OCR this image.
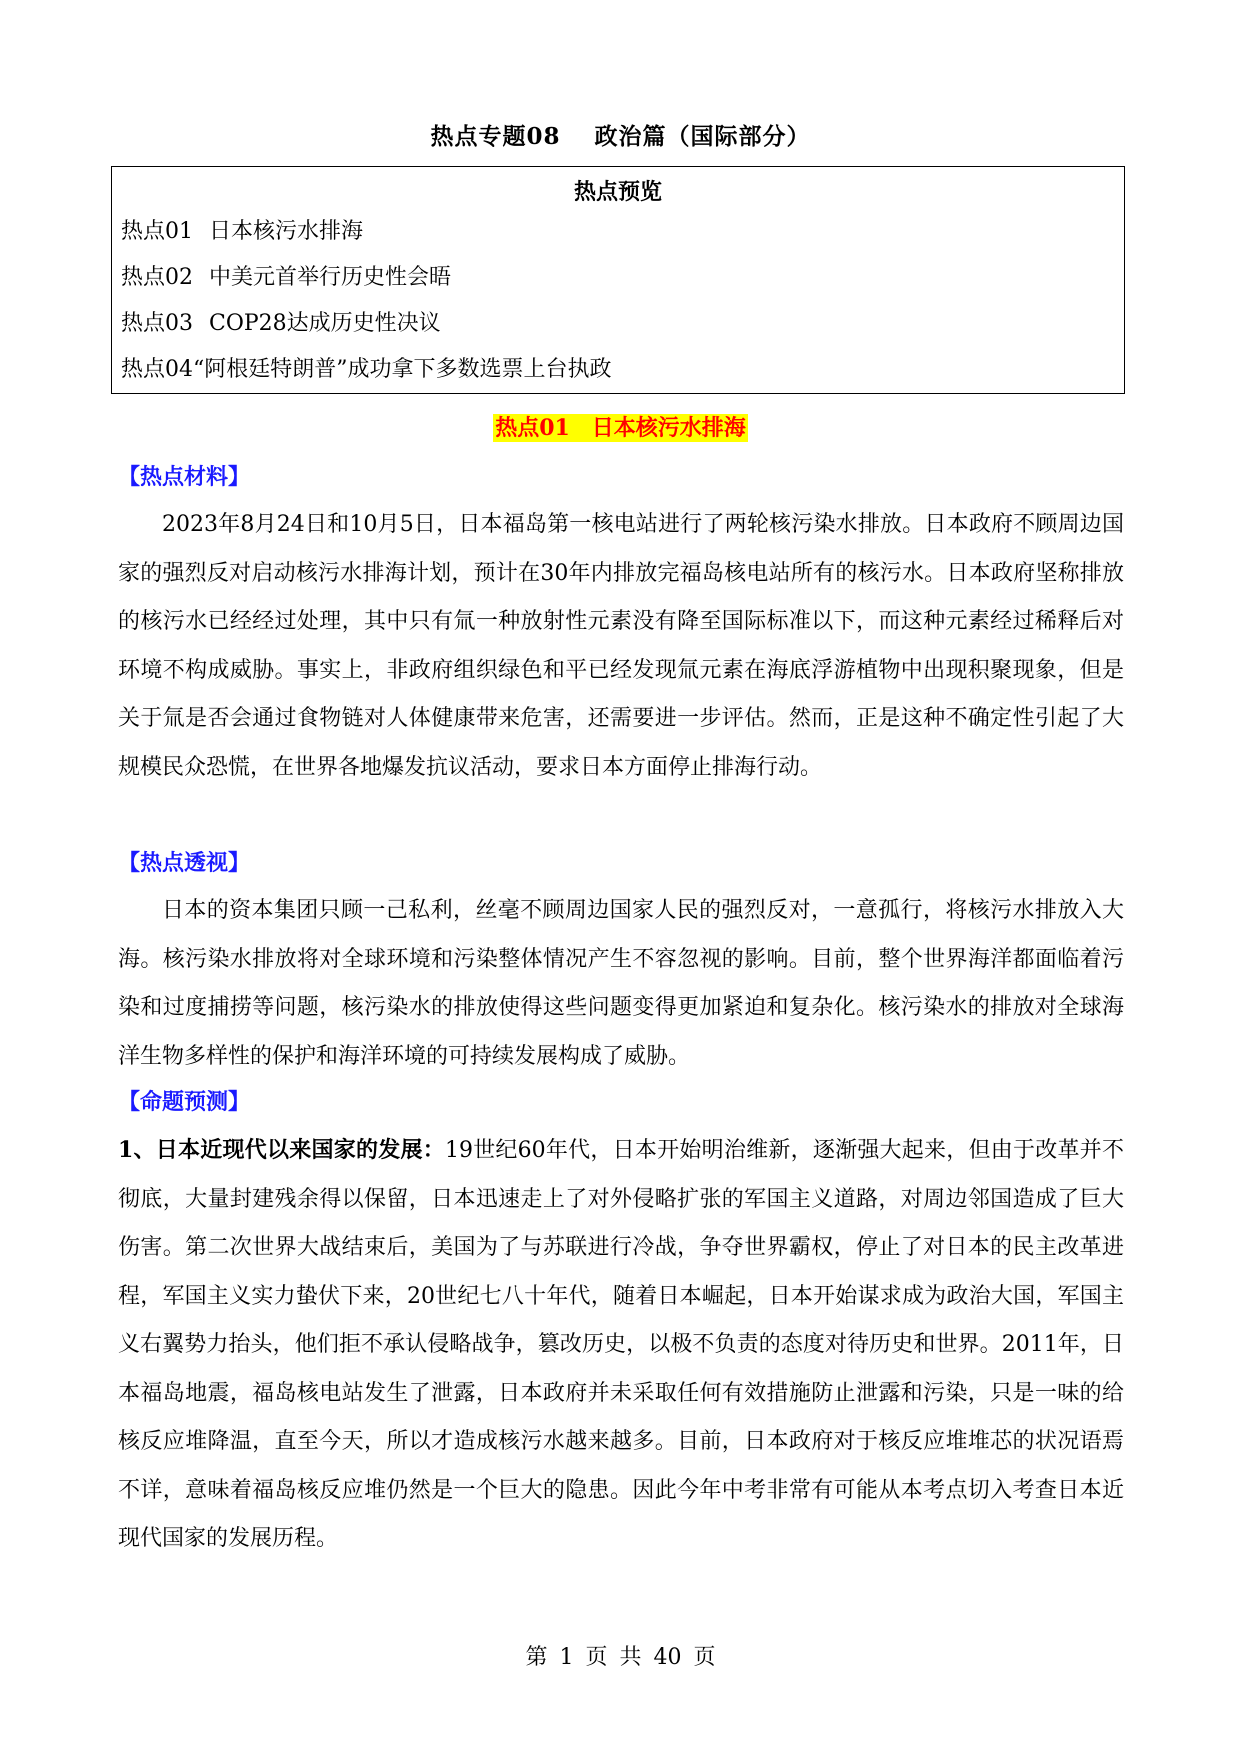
热点专题08 政治篇（国际部分）
热点预览
热点01 日本核污水排海
热点02 中美元首举行历史性会晤
热点03 COP28达成历史性决议
热点04“阿根廷特朗普”成功拿下多数选票上台执政
热点01　日本核污水排海
【热点材料】

2023年8月24日和10月5日，日本福岛第一核电站进行了两轮核污染水排放。日本政府不顾周边国家的强烈反对启动核污水排海计划，预计在30年内排放完福岛核电站所有的核污水。日本政府坚称排放的核污水已经经过处理，其中只有氚一种放射性元素没有降至国际标准以下，而这种元素经过稀释后对环境不构成威胁。事实上，非政府组织绿色和平已经发现氚元素在海底浮游植物中出现积聚现象，但是关于氚是否会通过食物链对人体健康带来危害，还需要进一步评估。然而，正是这种不确定性引起了大规模民众恐慌，在世界各地爆发抗议活动，要求日本方面停止排海行动。

【热点透视】

日本的资本集团只顾一己私利，丝毫不顾周边国家人民的强烈反对，一意孤行，将核污水排放入大海。核污染水排放将对全球环境和污染整体情况产生不容忽视的影响。目前，整个世界海洋都面临着污染和过度捕捞等问题，核污染水的排放使得这些问题变得更加紧迫和复杂化。核污染水的排放对全球海洋生物多样性的保护和海洋环境的可持续发展构成了威胁。

【命题预测】

1、日本近现代以来国家的发展：19世纪60年代，日本开始明治维新，逐渐强大起来，但由于改革并不彻底，大量封建残余得以保留，日本迅速走上了对外侵略扩张的军国主义道路，对周边邻国造成了巨大伤害。第二次世界大战结束后，美国为了与苏联进行冷战，争夺世界霸权，停止了对日本的民主改革进程，军国主义实力蛰伏下来，20世纪七八十年代，随着日本崛起，日本开始谋求成为政治大国，军国主义右翼势力抬头，他们拒不承认侵略战争，篡改历史，以极不负责的态度对待历史和世界。2011年，日本福岛地震，福岛核电站发生了泄露，日本政府并未采取任何有效措施防止泄露和污染，只是一味的给核反应堆降温，直至今天，所以才造成核污水越来越多。目前，日本政府对于核反应堆堆芯的状况语焉不详，意味着福岛核反应堆仍然是一个巨大的隐患。因此今年中考非常有可能从本考点切入考查日本近现代国家的发展历程。

第 1 页 共 40 页
